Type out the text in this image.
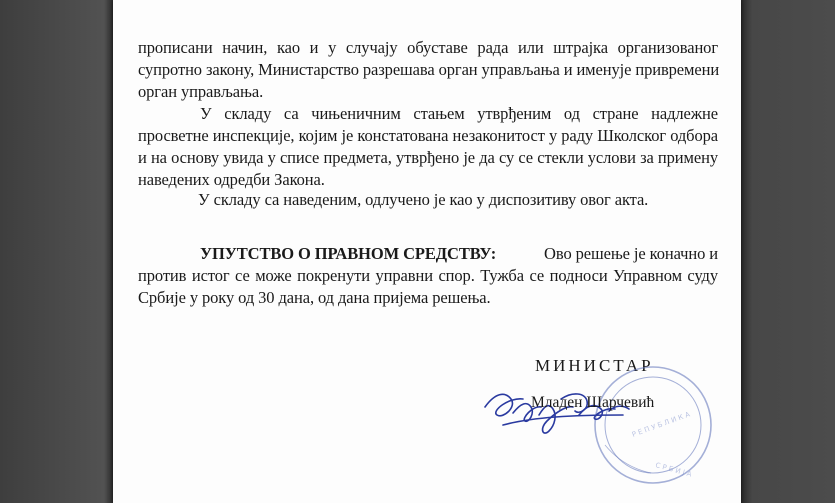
прописани начин, као и у случају обуставе рада или штрајка организованог
супротно закону, Министарство разрешава орган управљања и именује привремени
орган управљања.
У складу са чињеничним стањем утврђеним од стране надлежне
просветне инспекције, којим је констатована незаконитост у раду Школског одбора
и на основу увида у списе предмета, утврђено је да су се стекли услови за примену
наведених одредби Закона.
У складу са наведеним, одлучено је као у диспозитиву овог акта.
УПУТСТВО О ПРАВНОМ СРЕДСТВУ:	Ово решење је коначно и
против истог се може покренути управни спор. Тужба се подноси Управном суду
Србије у року од 30 дана, од дана пријема решења.
МИНИСТАР
Р Е П У Б Л И К А
С Р Б И Ј А
Младен Шарчевић
